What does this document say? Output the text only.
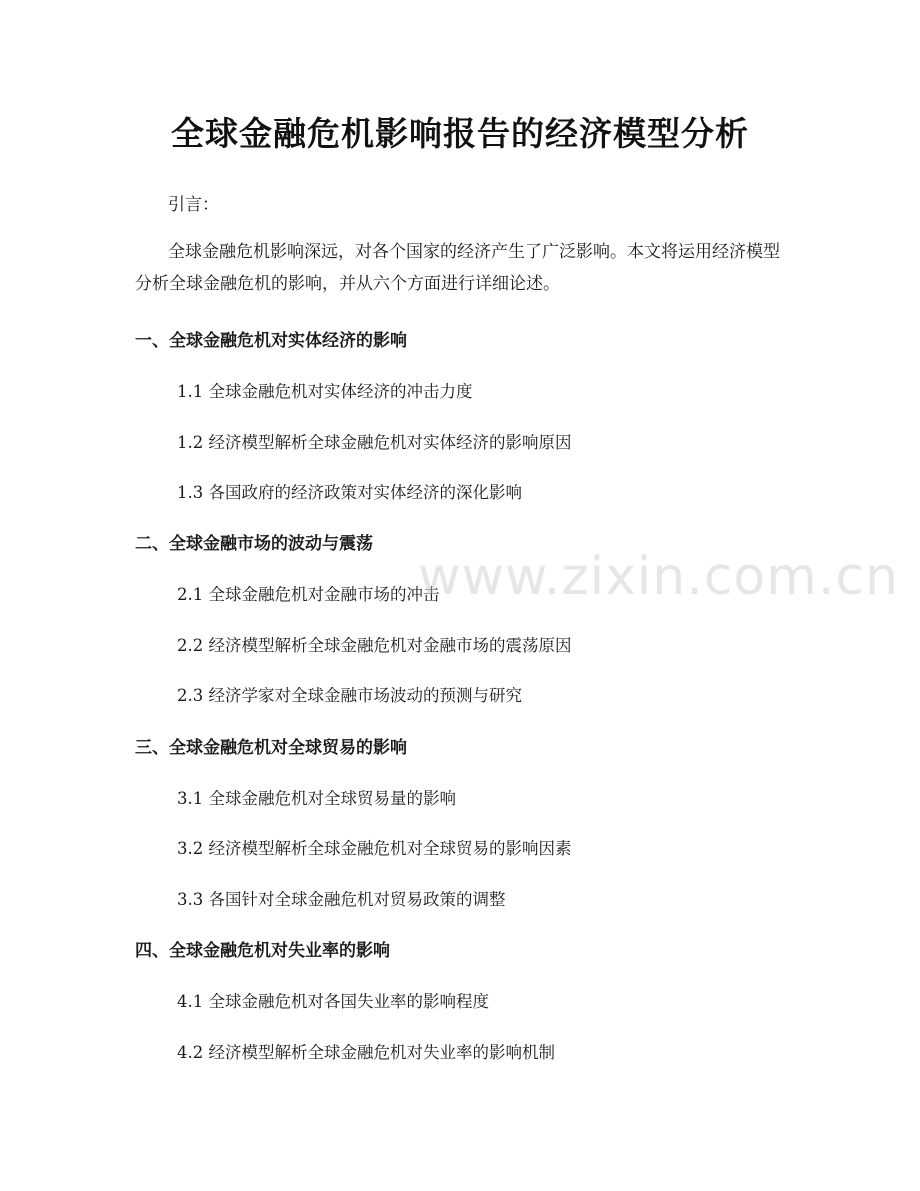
全球金融危机影响报告的经济模型分析
引言：
全球金融危机影响深远，对各个国家的经济产生了广泛影响。本文将运用经济模型分析全球金融危机的影响，并从六个方面进行详细论述。
一、全球金融危机对实体经济的影响
1.1 全球金融危机对实体经济的冲击力度
1.2 经济模型解析全球金融危机对实体经济的影响原因
1.3 各国政府的经济政策对实体经济的深化影响
二、全球金融市场的波动与震荡
2.1 全球金融危机对金融市场的冲击
2.2 经济模型解析全球金融危机对金融市场的震荡原因
2.3 经济学家对全球金融市场波动的预测与研究
三、全球金融危机对全球贸易的影响
3.1 全球金融危机对全球贸易量的影响
3.2 经济模型解析全球金融危机对全球贸易的影响因素
3.3 各国针对全球金融危机对贸易政策的调整
四、全球金融危机对失业率的影响
4.1 全球金融危机对各国失业率的影响程度
4.2 经济模型解析全球金融危机对失业率的影响机制
www.zixin.com.cn
